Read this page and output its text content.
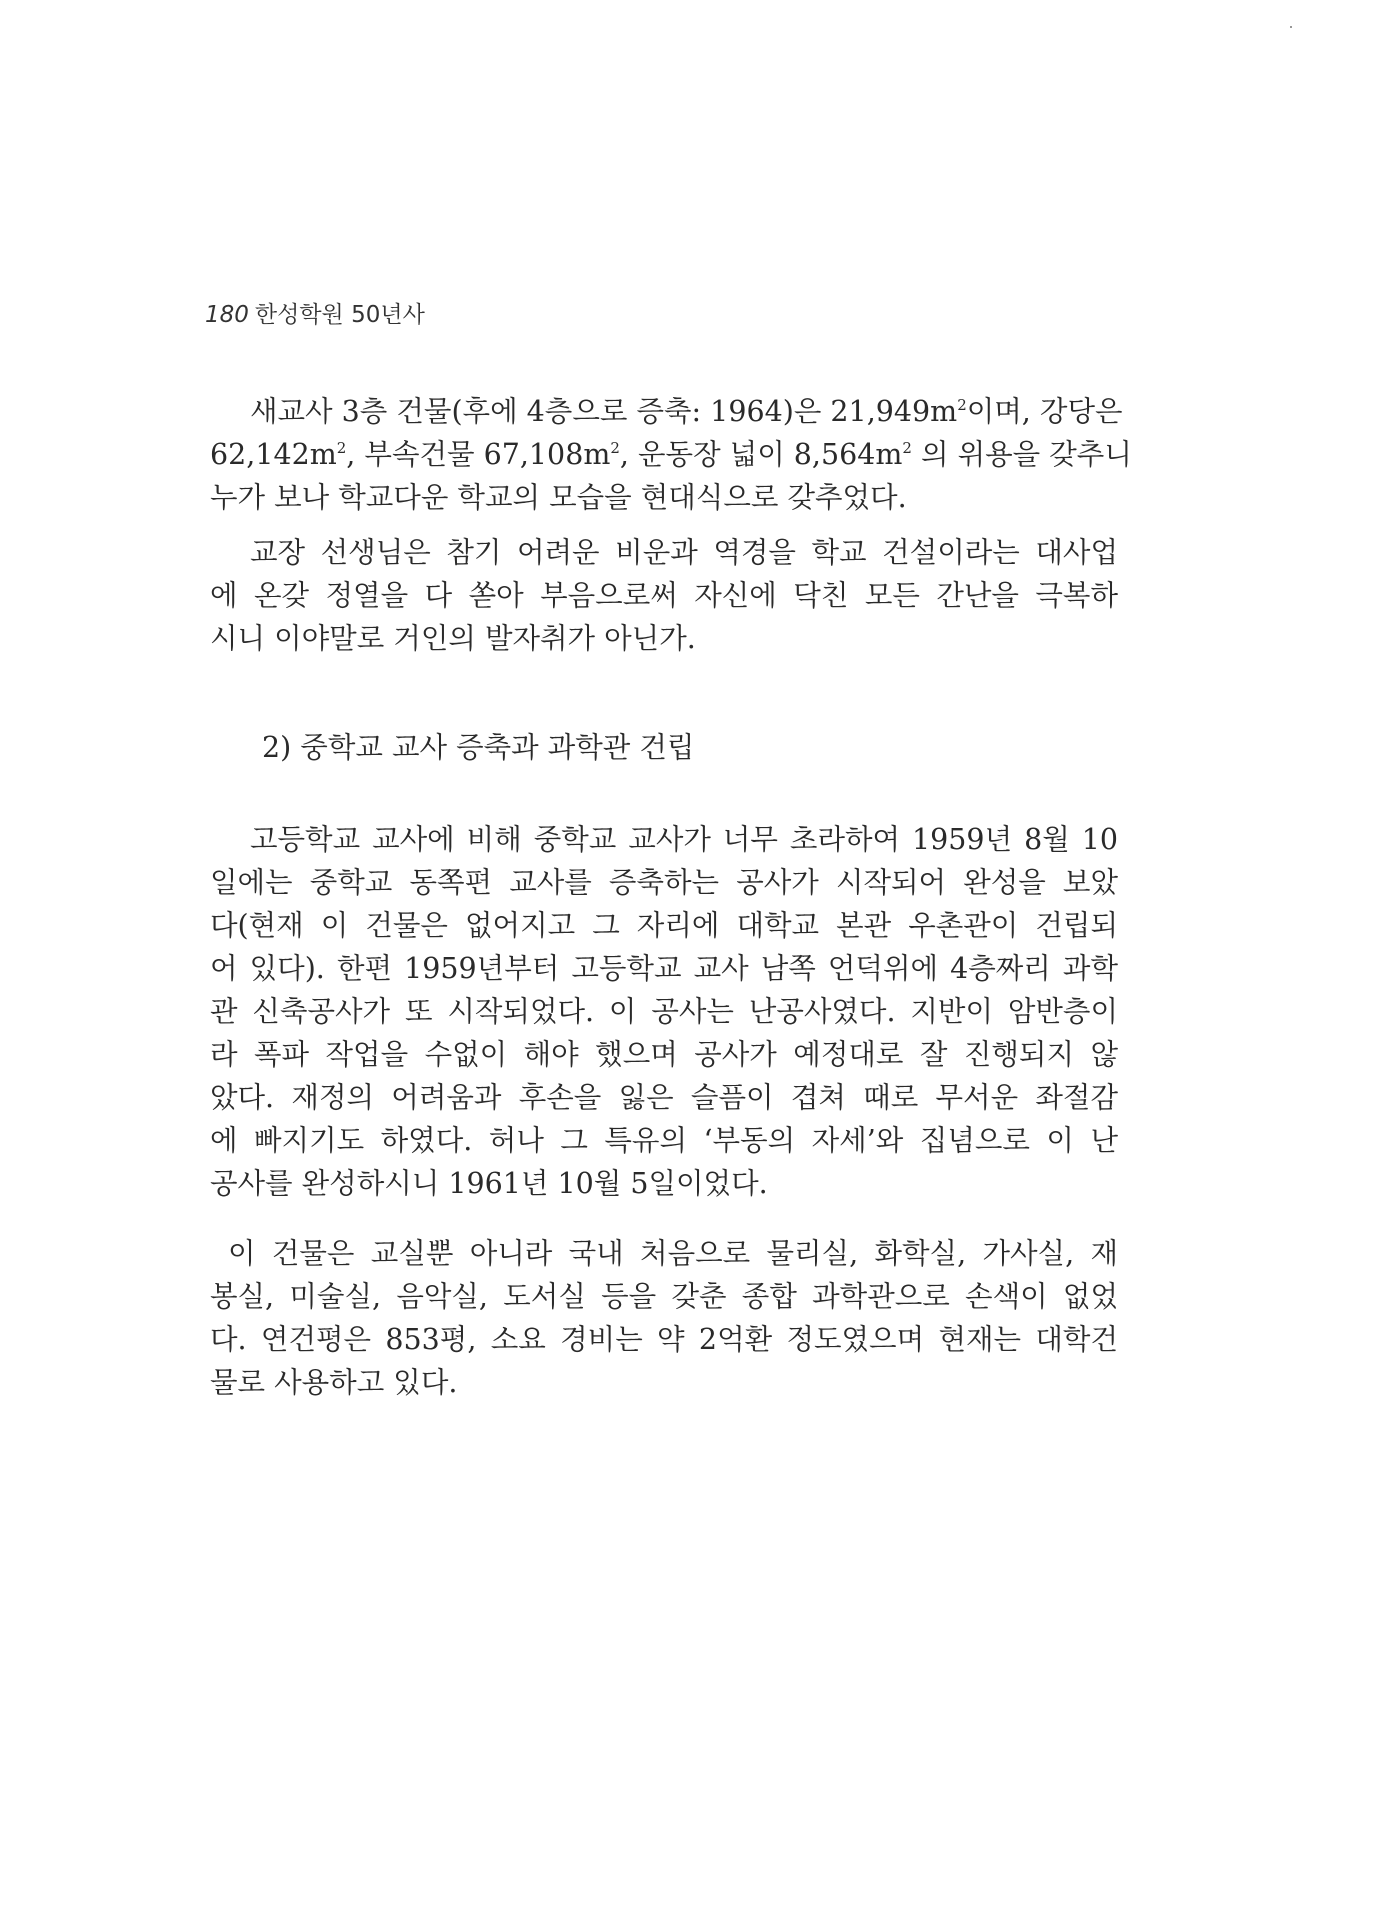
180 한성학원 50년사
새교사 3층 건물(후에 4층으로 증축: 1964)은 $21,949m^2$이며, 강당은
$62,142m^2$, 부속건물 $67,108m^2$, 운동장 넓이 $8,564m^2$ 의 위용을 갖추니
누가 보나 학교다운 학교의 모습을 현대식으로 갖추었다.
교장 선생님은 참기 어려운 비운과 역경을 학교 건설이라는 대사업
에 온갖 정열을 다 쏟아 부음으로써 자신에 닥친 모든 간난을 극복하
시니 이야말로 거인의 발자취가 아닌가.
2) 중학교 교사 증축과 과학관 건립
고등학교 교사에 비해 중학교 교사가 너무 초라하여 1959년 8월 10
일에는 중학교 동쪽편 교사를 증축하는 공사가 시작되어 완성을 보았
다(현재 이 건물은 없어지고 그 자리에 대학교 본관 우촌관이 건립되
어 있다). 한편 1959년부터 고등학교 교사 남쪽 언덕위에 4층짜리 과학
관 신축공사가 또 시작되었다. 이 공사는 난공사였다. 지반이 암반층이
라 폭파 작업을 수없이 해야 했으며 공사가 예정대로 잘 진행되지 않
았다. 재정의 어려움과 후손을 잃은 슬픔이 겹쳐 때로 무서운 좌절감
에 빠지기도 하였다. 허나 그 특유의 ‘부동의 자세’와 집념으로 이 난
공사를 완성하시니 1961년 10월 5일이었다.
이 건물은 교실뿐 아니라 국내 처음으로 물리실, 화학실, 가사실, 재
봉실, 미술실, 음악실, 도서실 등을 갖춘 종합 과학관으로 손색이 없었
다. 연건평은 853평, 소요 경비는 약 2억환 정도였으며 현재는 대학건
물로 사용하고 있다.
